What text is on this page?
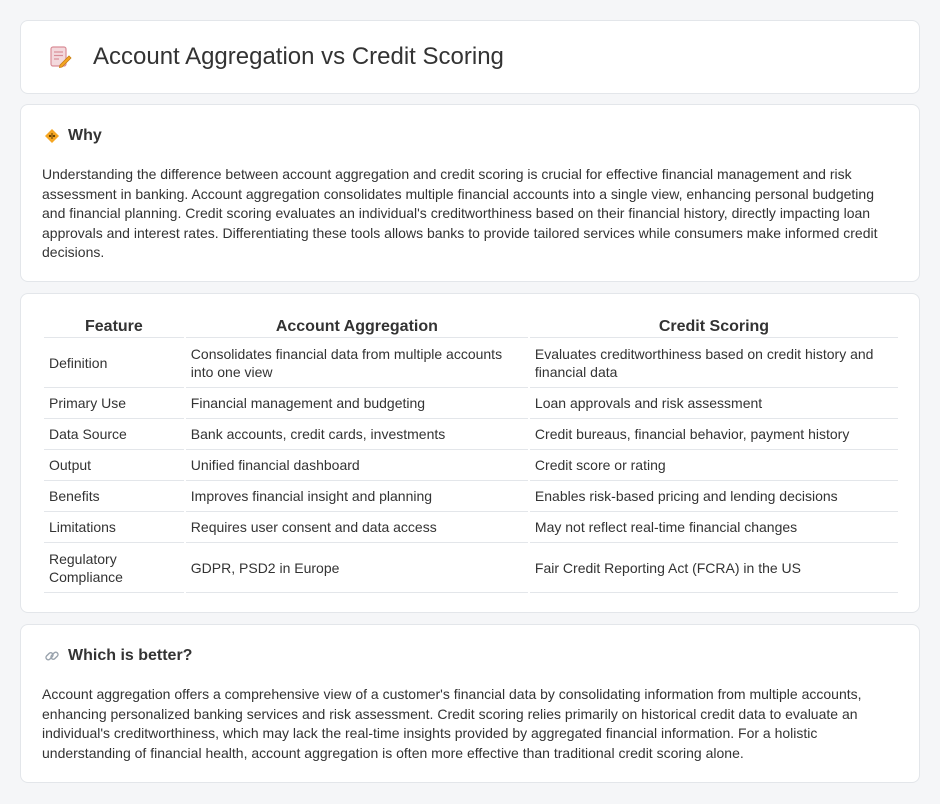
Account Aggregation vs Credit Scoring
Why

Understanding the difference between account aggregation and credit scoring is crucial for effective financial management and risk assessment in banking. Account aggregation consolidates multiple financial accounts into a single view, enhancing personal budgeting and financial planning. Credit scoring evaluates an individual's creditworthiness based on their financial history, directly impacting loan approvals and interest rates. Differentiating these tools allows banks to provide tailored services while consumers make informed credit decisions.

Feature	Account Aggregation	Credit Scoring
Definition	Consolidates financial data from multiple accounts into one view	Evaluates creditworthiness based on credit history and financial data
Primary Use	Financial management and budgeting	Loan approvals and risk assessment
Data Source	Bank accounts, credit cards, investments	Credit bureaus, financial behavior, payment history
Output	Unified financial dashboard	Credit score or rating
Benefits	Improves financial insight and planning	Enables risk-based pricing and lending decisions
Limitations	Requires user consent and data access	May not reflect real-time financial changes
Regulatory Compliance	GDPR, PSD2 in Europe	Fair Credit Reporting Act (FCRA) in the US
Which is better?

Account aggregation offers a comprehensive view of a customer's financial data by consolidating information from multiple accounts, enhancing personalized banking services and risk assessment. Credit scoring relies primarily on historical credit data to evaluate an individual's creditworthiness, which may lack the real-time insights provided by aggregated financial information. For a holistic understanding of financial health, account aggregation is often more effective than traditional credit scoring alone.
